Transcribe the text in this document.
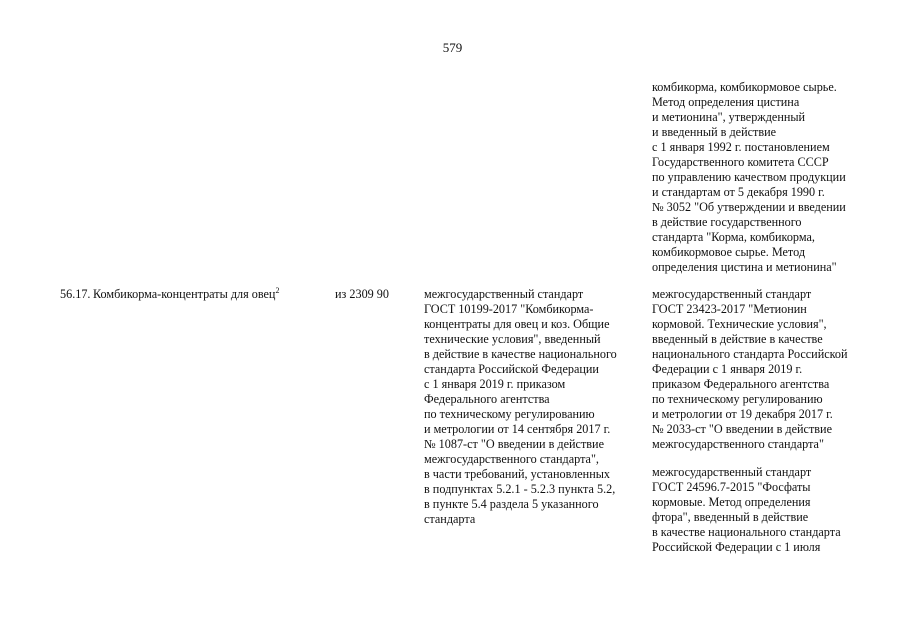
579
комбикорма, комбикормовое сырье.
Метод определения цистина
и метионина", утвержденный
и введенный в действие
с 1 января 1992 г. постановлением
Государственного комитета СССР
по управлению качеством продукции
и стандартам от 5 декабря 1990 г.
№ 3052 "Об утверждении и введении
в действие государственного
стандарта "Корма, комбикорма,
комбикормовое сырье. Метод
определения цистина и метионина"
56.17. Комбикорма-концентраты для овец$^2$	из 2309 90	межгосударственный стандарт
ГОСТ 10199-2017 "Комбикорма-
концентраты для овец и коз. Общие
технические условия", введенный
в действие в качестве национального
стандарта Российской Федерации
с 1 января 2019 г. приказом
Федерального агентства
по техническому регулированию
и метрологии от 14 сентября 2017 г.
№ 1087-ст "О введении в действие
межгосударственного стандарта",
в части требований, установленных
в подпунктах 5.2.1 - 5.2.3 пункта 5.2,
в пункте 5.4 раздела 5 указанного
стандарта
межгосударственный стандарт
ГОСТ 23423-2017 "Метионин
кормовой. Технические условия",
введенный в действие в качестве
национального стандарта Российской
Федерации с 1 января 2019 г.
приказом Федерального агентства
по техническому регулированию
и метрологии от 19 декабря 2017 г.
№ 2033-ст "О введении в действие
межгосударственного стандарта"
межгосударственный стандарт
ГОСТ 24596.7-2015 "Фосфаты
кормовые. Метод определения
фтора", введенный в действие
в качестве национального стандарта
Российской Федерации с 1 июля
